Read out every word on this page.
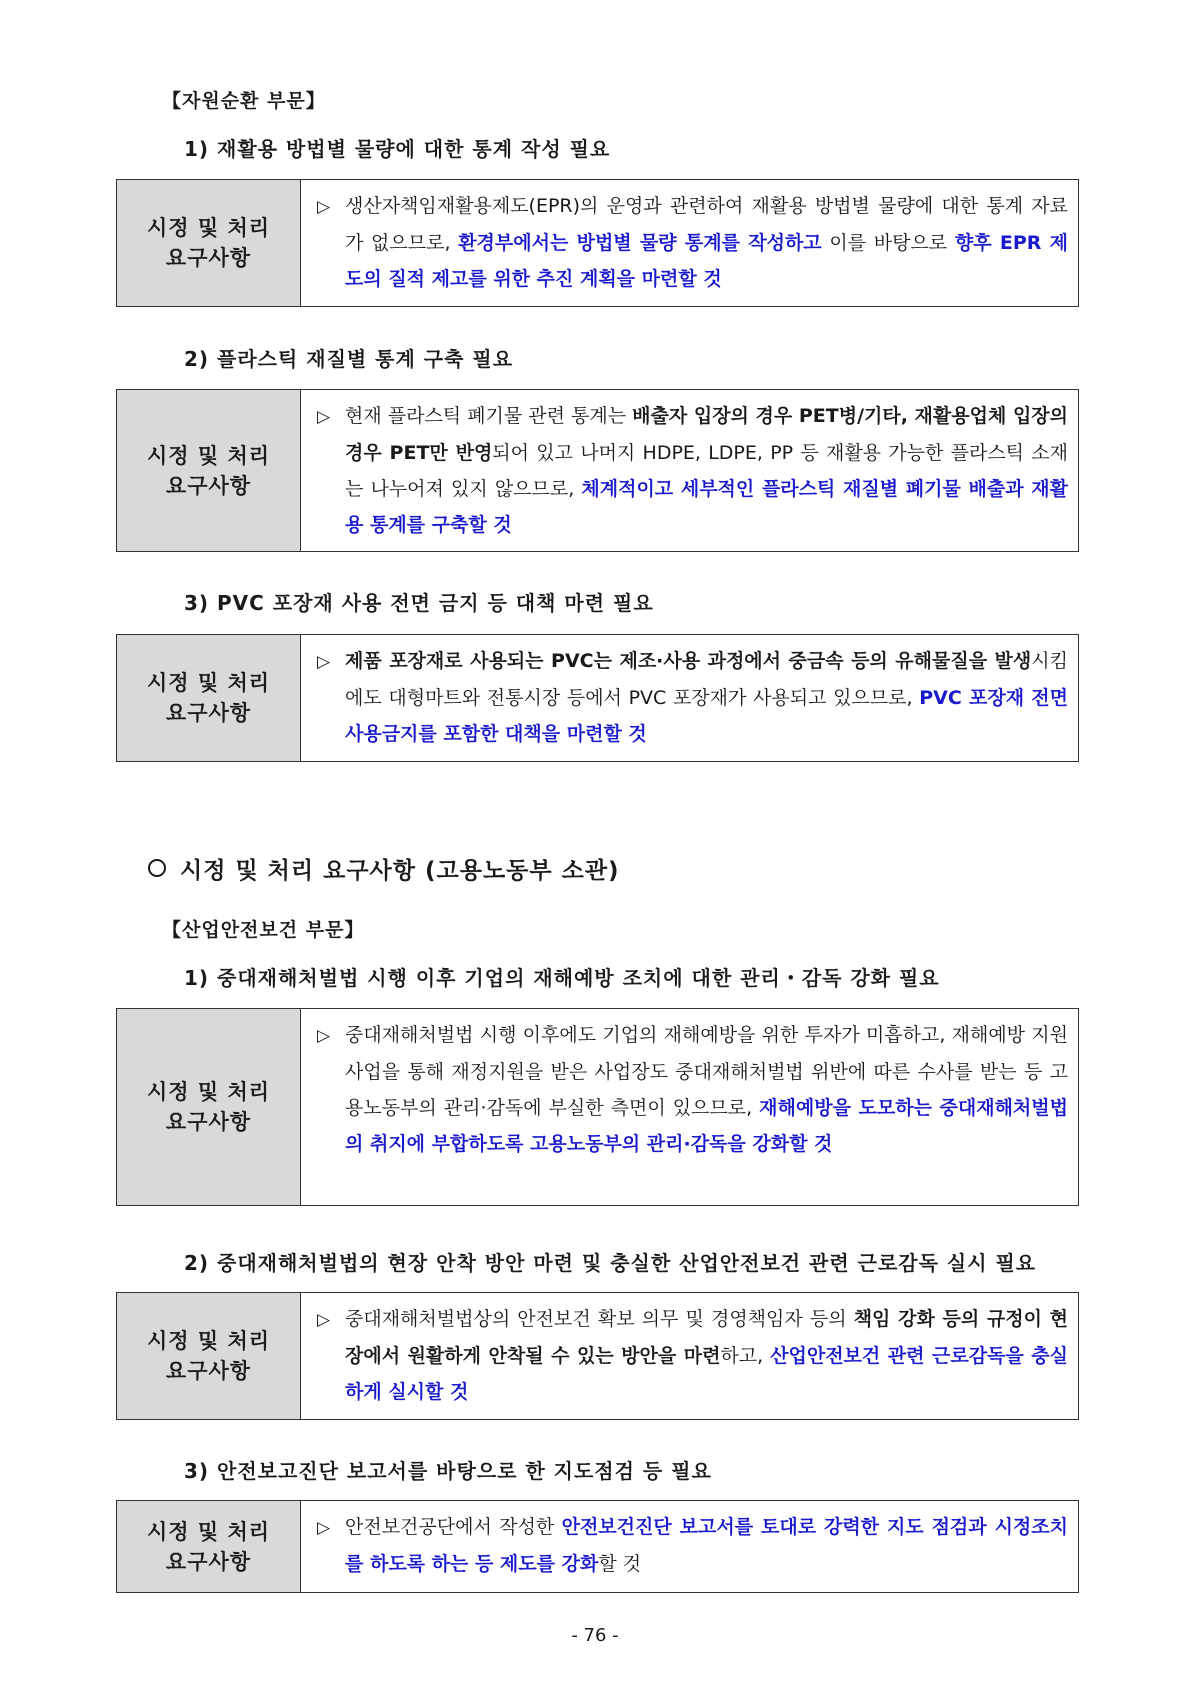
【자원순환 부문】
1) 재활용 방법별 물량에 대한 통계 작성 필요
시정 및 처리
요구사항
▷ 생산자책임재활용제도(EPR)의 운영과 관련하여 재활용 방법별 물량에 대한 통계 자료가 없으므로, 환경부에서는 방법별 물량 통계를 작성하고 이를 바탕으로 향후 EPR 제도의 질적 제고를 위한 추진 계획을 마련할 것
2) 플라스틱 재질별 통계 구축 필요
시정 및 처리
요구사항
▷ 현재 플라스틱 폐기물 관련 통계는 배출자 입장의 경우 PET병/기타, 재활용업체 입장의 경우 PET만 반영되어 있고 나머지 HDPE, LDPE, PP 등 재활용 가능한 플라스틱 소재는 나누어져 있지 않으므로, 체계적이고 세부적인 플라스틱 재질별 폐기물 배출과 재활용 통계를 구축할 것
3) PVC 포장재 사용 전면 금지 등 대책 마련 필요
시정 및 처리
요구사항
▷ 제품 포장재로 사용되는 PVC는 제조·사용 과정에서 중금속 등의 유해물질을 발생시킴에도 대형마트와 전통시장 등에서 PVC 포장재가 사용되고 있으므로, PVC 포장재 전면 사용금지를 포함한 대책을 마련할 것
시정 및 처리 요구사항 (고용노동부 소관)
【산업안전보건 부문】
1) 중대재해처벌법 시행 이후 기업의 재해예방 조치에 대한 관리・감독 강화 필요
시정 및 처리
요구사항
▷ 중대재해처벌법 시행 이후에도 기업의 재해예방을 위한 투자가 미흡하고, 재해예방 지원사업을 통해 재정지원을 받은 사업장도 중대재해처벌법 위반에 따른 수사를 받는 등 고용노동부의 관리·감독에 부실한 측면이 있으므로, 재해예방을 도모하는 중대재해처벌법의 취지에 부합하도록 고용노동부의 관리·감독을 강화할 것
2) 중대재해처벌법의 현장 안착 방안 마련 및 충실한 산업안전보건 관련 근로감독 실시 필요
시정 및 처리
요구사항
▷ 중대재해처벌법상의 안전보건 확보 의무 및 경영책임자 등의 책임 강화 등의 규정이 현장에서 원활하게 안착될 수 있는 방안을 마련하고, 산업안전보건 관련 근로감독을 충실하게 실시할 것
3) 안전보고진단 보고서를 바탕으로 한 지도점검 등 필요
시정 및 처리
요구사항
▷ 안전보건공단에서 작성한 안전보건진단 보고서를 토대로 강력한 지도 점검과 시정조치를 하도록 하는 등 제도를 강화할 것
- 76 -
